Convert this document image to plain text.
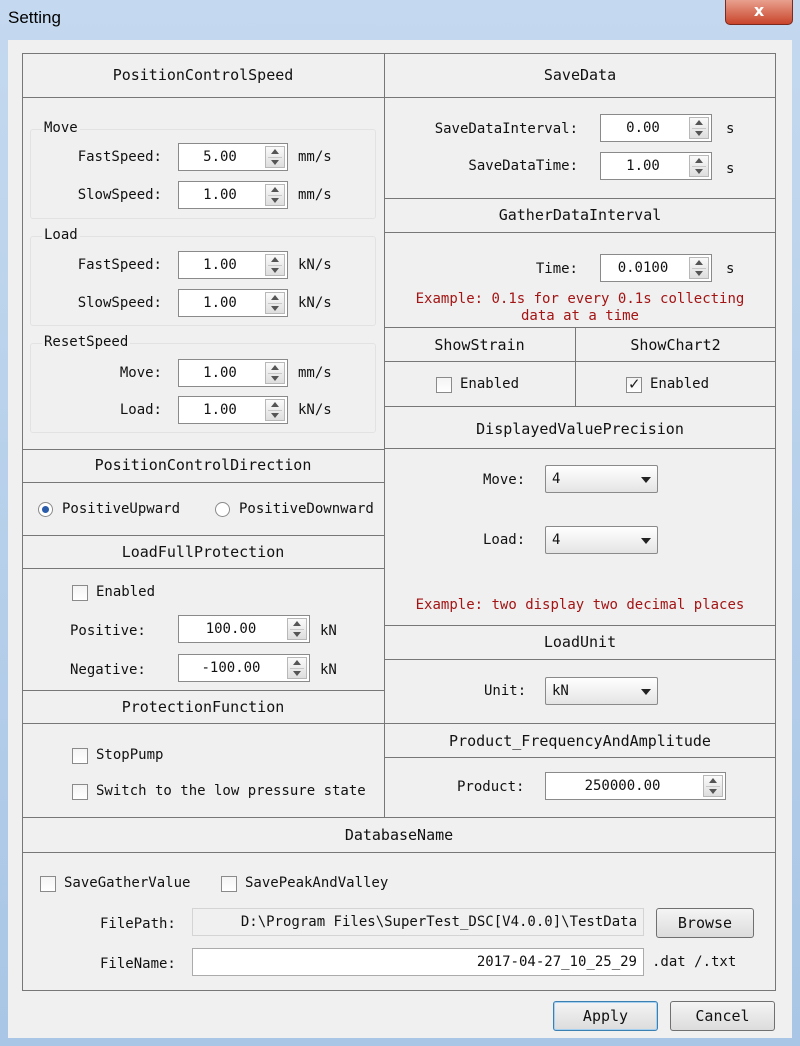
Setting	x
PositionControlSpeed
Move
FastSpeed:	5.00	mm/s
SlowSpeed:	1.00	mm/s
Load
FastSpeed:	1.00	kN/s
SlowSpeed:	1.00	kN/s
ResetSpeed
Move:	1.00	mm/s
Load:	1.00	kN/s
PositionControlDirection
PositiveUpward	PositiveDownward
LoadFullProtection
Enabled
Positive:	100.00	kN
Negative:	-100.00	kN
ProtectionFunction
StopPump
Switch to the low pressure state
SaveData
SaveDataInterval:	0.00	s
SaveDataTime:	1.00	s
GatherDataInterval
Time:	0.0100	s
Example: 0.1s for every 0.1s collecting
data at a time
ShowStrain	ShowChart2
Enabled
✓	Enabled
DisplayedValuePrecision
Move: 4
Load: 4
Example: two display two decimal places
LoadUnit
Unit: kN
Product_FrequencyAndAmplitude
Product:	250000.00
DatabaseName
SaveGatherValue	SavePeakAndValley
FilePath:	D:\Program Files\SuperTest_DSC[V4.0.0]\TestData	Browse
FileName:	2017-04-27_10_25_29	.dat /.txt
Apply	Cancel
